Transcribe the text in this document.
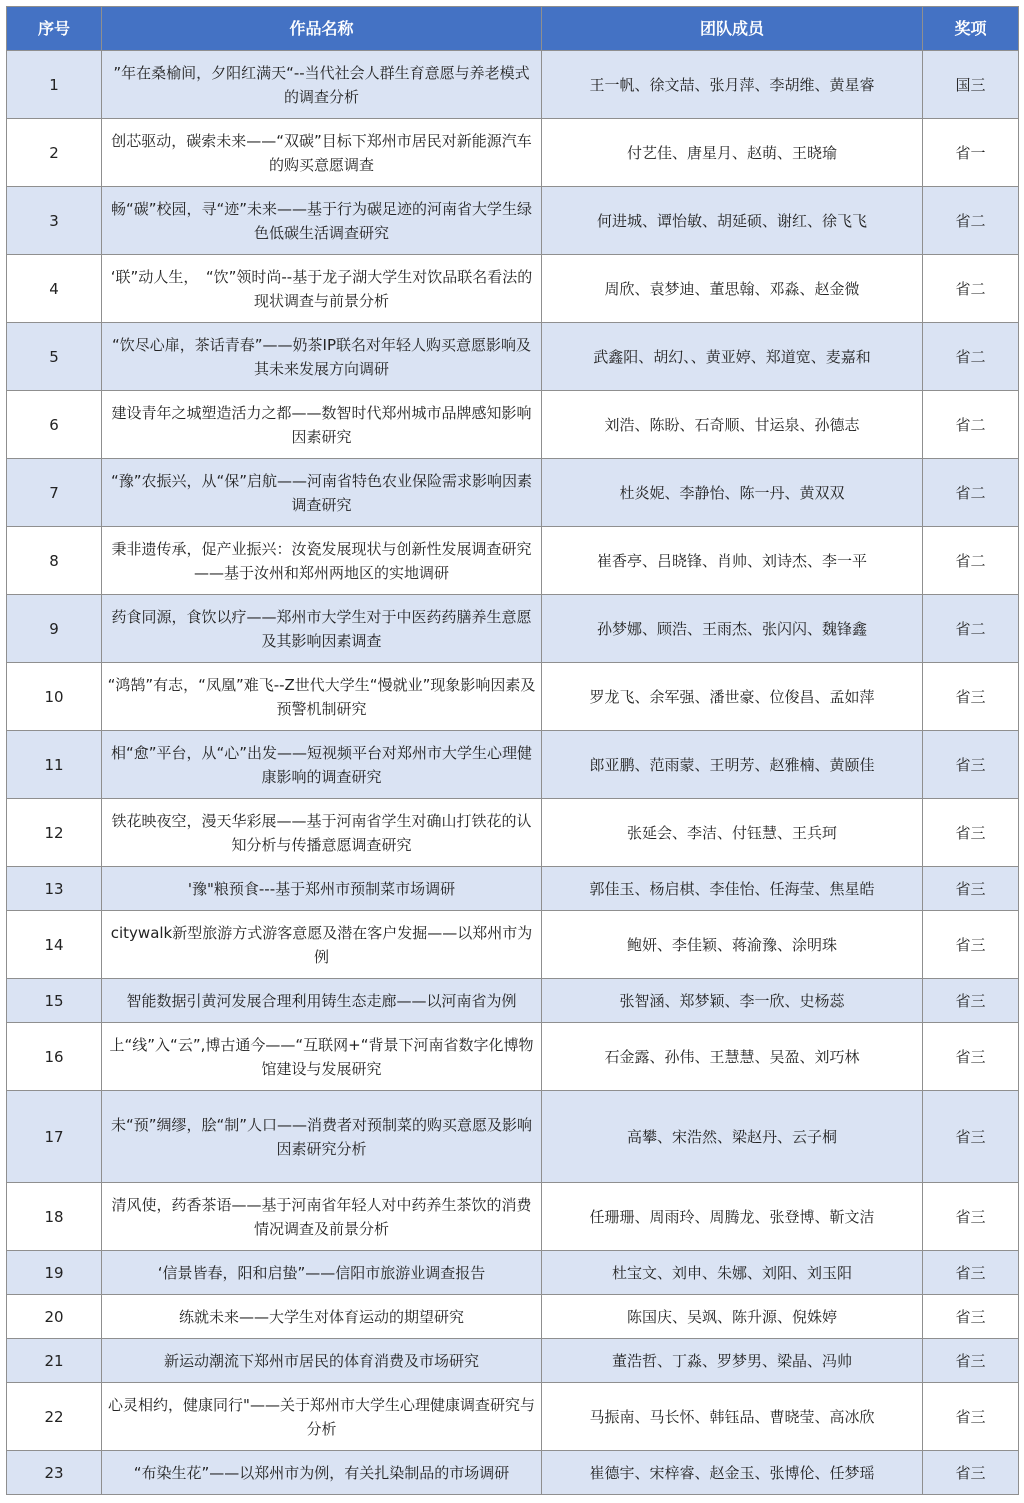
序号	作品名称	团队成员	奖项
1	”年在桑榆间，夕阳红满天“--当代社会人群生育意愿与养老模式的调查分析	王一帆、徐文喆、张月萍、李胡维、黄星睿	国三
2	创芯驱动，碳索未来——“双碳”目标下郑州市居民对新能源汽车的购买意愿调查	付艺佳、唐星月、赵萌、王晓瑜	省一
3	畅“碳”校园，寻“迹”未来——基于行为碳足迹的河南省大学生绿色低碳生活调查研究	何进城、谭怡敏、胡延硕、谢红、徐飞飞	省二
4	‘联”动人生，　“饮”领时尚--基于龙子湖大学生对饮品联名看法的现状调查与前景分析	周欣、袁梦迪、董思翰、邓淼、赵金微	省二
5	“饮尽心扉，茶话青春”——奶茶IP联名对年轻人购买意愿影响及其未来发展方向调研	武鑫阳、胡幻、、黄亚婷、郑道宽、麦嘉和	省二
6	建设青年之城塑造活力之都——数智时代郑州城市品牌感知影响因素研究	刘浩、陈盼、石奇顺、甘运泉、孙德志	省二
7	“豫”农振兴，从“保”启航——河南省特色农业保险需求影响因素调查研究	杜炎妮、李静怡、陈一丹、黄双双	省二
8	秉非遗传承，促产业振兴：汝瓷发展现状与创新性发展调查研究——基于汝州和郑州两地区的实地调研	崔香亭、吕晓锋、肖帅、刘诗杰、李一平	省二
9	药食同源，食饮以疗——郑州市大学生对于中医药药膳养生意愿及其影响因素调查	孙梦娜、顾浩、王雨杰、张闪闪、魏锋鑫	省二
10	“鸿鹄”有志，“凤凰”难飞--Z世代大学生“慢就业”现象影响因素及预警机制研究	罗龙飞、余军强、潘世豪、位俊昌、孟如萍	省三
11	相“愈”平台，从“心”出发——短视频平台对郑州市大学生心理健康影响的调查研究	郎亚鹏、范雨蒙、王明芳、赵雅楠、黄颐佳	省三
12	铁花映夜空，漫天华彩展——基于河南省学生对确山打铁花的认知分析与传播意愿调查研究	张延会、李洁、付钰慧、王兵珂	省三
13	'豫"粮预食---基于郑州市预制菜市场调研	郭佳玉、杨启棋、李佳怡、任海莹、焦星皓	省三
14	citywalk新型旅游方式游客意愿及潜在客户发掘——以郑州市为例	鲍妍、李佳颖、蒋渝豫、涂明珠	省三
15	智能数据引黄河发展合理利用铸生态走廊——以河南省为例	张智涵、郑梦颖、李一欣、史杨蕊	省三
16	上“线”入“云”,博古通今——“互联网+“背景下河南省数字化博物馆建设与发展研究	石金露、孙伟、王慧慧、吴盈、刘巧林	省三
17	未“预”绸缪，脍“制”人口——消费者对预制菜的购买意愿及影响因素研究分析	高攀、宋浩然、梁赵丹、云子桐	省三
18	清风使，药香茶语——基于河南省年轻人对中药养生茶饮的消费情况调查及前景分析	任珊珊、周雨玲、周腾龙、张登博、靳文洁	省三
19	‘信景皆春，阳和启蛰”——信阳市旅游业调查报告	杜宝文、刘申、朱娜、刘阳、刘玉阳	省三
20	练就未来——大学生对体育运动的期望研究	陈国庆、吴飒、陈升源、倪姝婷	省三
21	新运动潮流下郑州市居民的体育消费及市场研究	董浩哲、丁淼、罗梦男、梁晶、冯帅	省三
22	心灵相约，健康同行"——关于郑州市大学生心理健康调查研究与分析	马振南、马长怀、韩钰品、曹晓莹、高冰欣	省三
23	“布染生花”——以郑州市为例，有关扎染制品的市场调研	崔德宇、宋梓睿、赵金玉、张博伦、任梦瑶	省三
